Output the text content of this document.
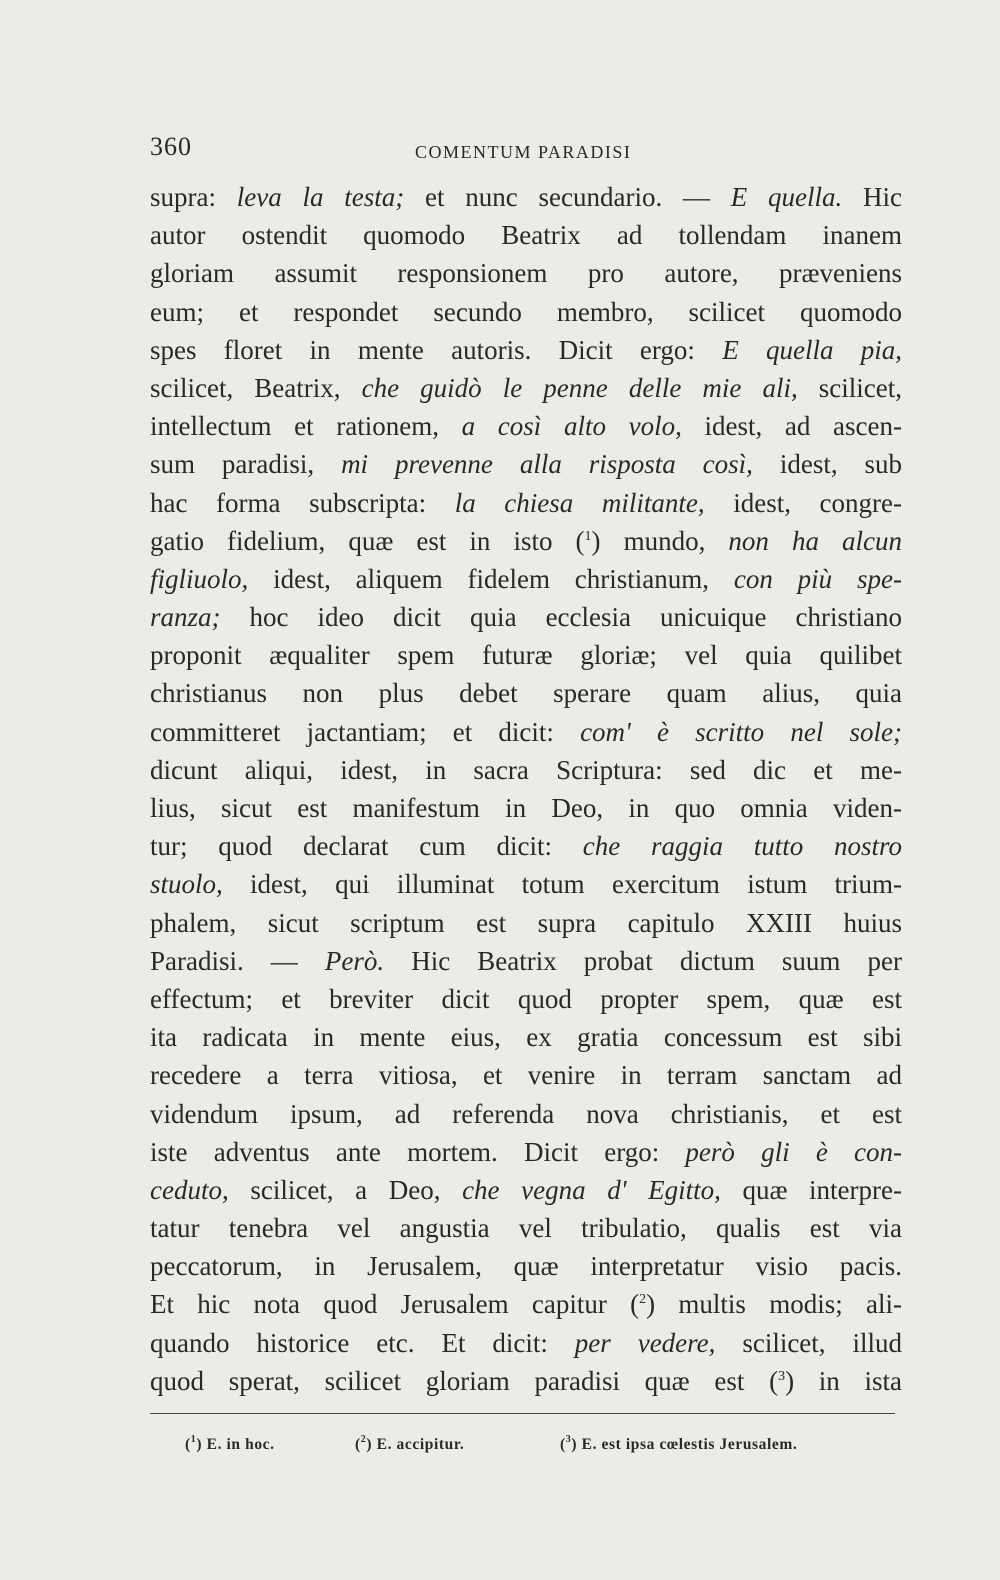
360	COMENTUM PARADISI
supra: leva la testa; et nunc secundario. — E quella. Hic
autor ostendit quomodo Beatrix ad tollendam inanem
gloriam assumit responsionem pro autore, præveniens
eum; et respondet secundo membro, scilicet quomodo
spes floret in mente autoris. Dicit ergo: E quella pia,
scilicet, Beatrix, che guidò le penne delle mie ali, scilicet,
intellectum et rationem, a così alto volo, idest, ad ascen-
sum paradisi, mi prevenne alla risposta così, idest, sub
hac forma subscripta: la chiesa militante, idest, congre-
gatio fidelium, quæ est in isto ($^1$) mundo, non ha alcun
figliuolo, idest, aliquem fidelem christianum, con più spe-
ranza; hoc ideo dicit quia ecclesia unicuique christiano
proponit æqualiter spem futuræ gloriæ; vel quia quilibet
christianus non plus debet sperare quam alius, quia
committeret jactantiam; et dicit: com' è scritto nel sole;
dicunt aliqui, idest, in sacra Scriptura: sed dic et me-
lius, sicut est manifestum in Deo, in quo omnia viden-
tur; quod declarat cum dicit: che raggia tutto nostro
stuolo, idest, qui illuminat totum exercitum istum trium-
phalem, sicut scriptum est supra capitulo XXIII huius
Paradisi. — Però. Hic Beatrix probat dictum suum per
effectum; et breviter dicit quod propter spem, quæ est
ita radicata in mente eius, ex gratia concessum est sibi
recedere a terra vitiosa, et venire in terram sanctam ad
videndum ipsum, ad referenda nova christianis, et est
iste adventus ante mortem. Dicit ergo: però gli è con-
ceduto, scilicet, a Deo, che vegna d' Egitto, quæ interpre-
tatur tenebra vel angustia vel tribulatio, qualis est via
peccatorum, in Jerusalem, quæ interpretatur visio pacis.
Et hic nota quod Jerusalem capitur ($^2$) multis modis; ali-
quando historice etc. Et dicit: per vedere, scilicet, illud
quod sperat, scilicet gloriam paradisi quæ est ($^3$) in ista
($^1$) E. in hoc.	($^2$) E. accipitur.	($^3$) E. est ipsa cœlestis Jerusalem.
